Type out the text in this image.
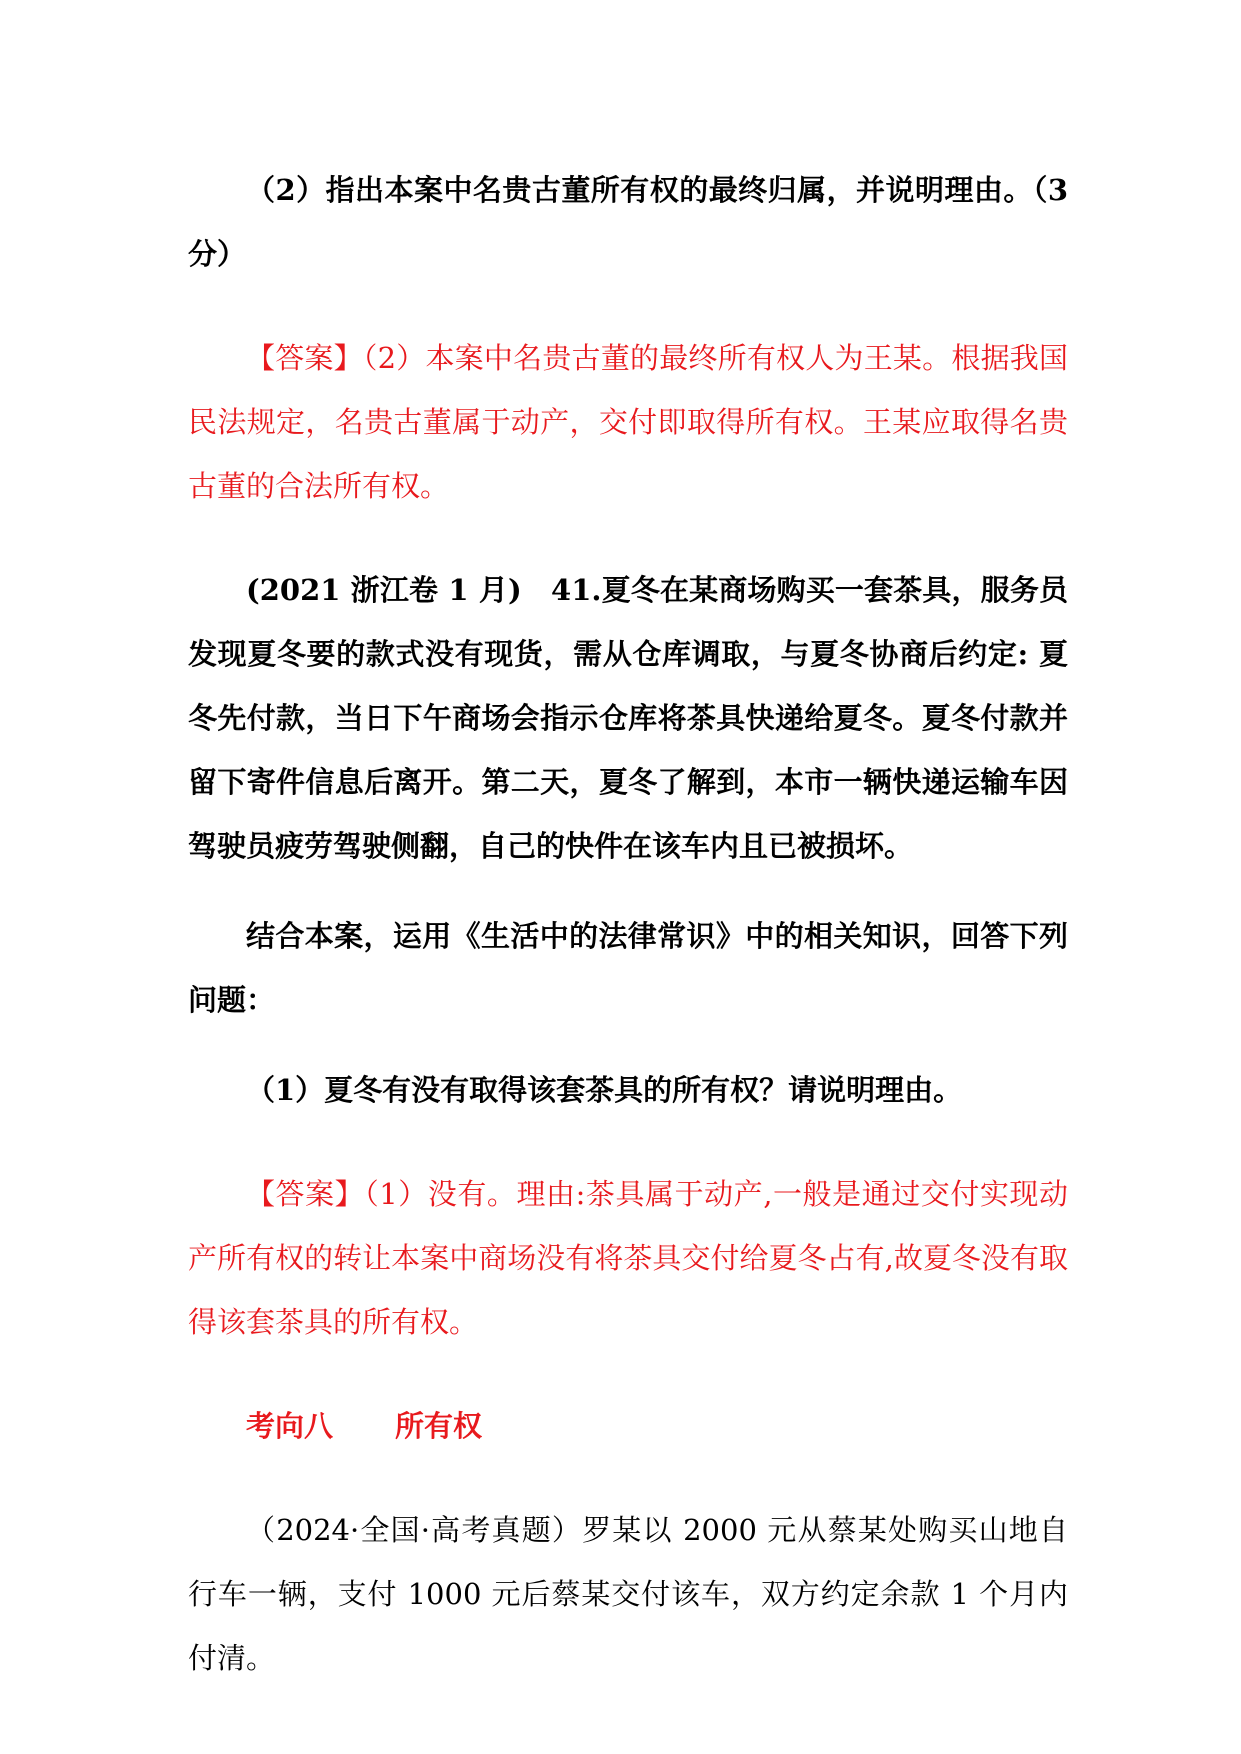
（2）指出本案中名贵古董所有权的最终归属，并说明理由。（3分）

【答案】（2）本案中名贵古董的最终所有权人为王某。根据我国民法规定，名贵古董属于动产，交付即取得所有权。王某应取得名贵古董的合法所有权。

(2021 浙江卷 1 月)　41.夏冬在某商场购买一套茶具，服务员发现夏冬要的款式没有现货，需从仓库调取，与夏冬协商后约定: 夏冬先付款，当日下午商场会指示仓库将茶具快递给夏冬。夏冬付款并留下寄件信息后离开。第二天，夏冬了解到，本市一辆快递运输车因驾驶员疲劳驾驶侧翻，自己的快件在该车内且已被损坏。

结合本案，运用《生活中的法律常识》中的相关知识，回答下列问题：

（1）夏冬有没有取得该套茶具的所有权？请说明理由。

【答案】（1）没有。理由:茶具属于动产,一般是通过交付实现动产所有权的转让本案中商场没有将茶具交付给夏冬占有,故夏冬没有取得该套茶具的所有权。

考向八 所有权

（2024·全国·高考真题）罗某以 2000 元从蔡某处购买山地自行车一辆，支付 1000 元后蔡某交付该车，双方约定余款 1 个月内付清。
